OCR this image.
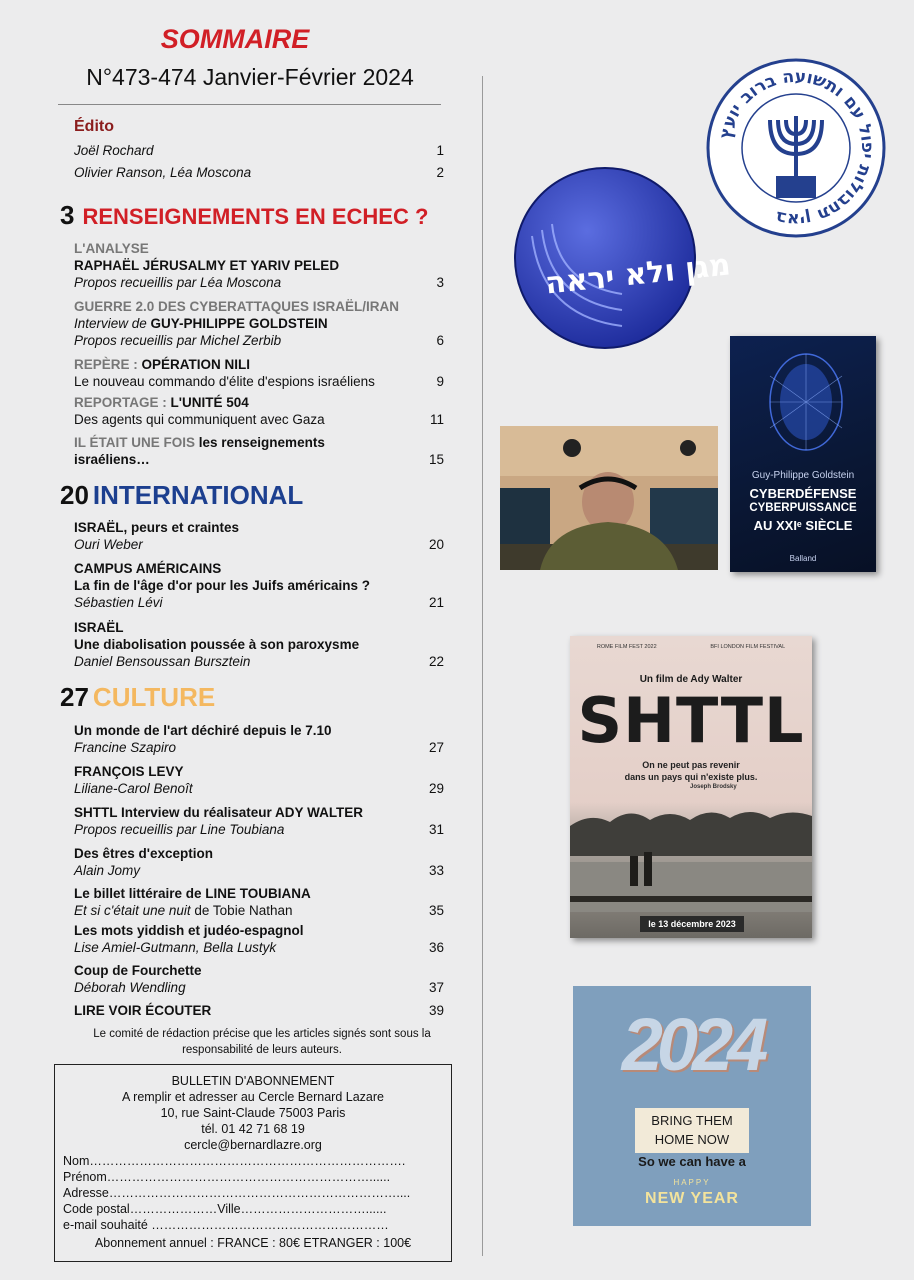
SOMMAIRE
N°473-474 Janvier-Février 2024
Édito
Joël Rochard	1
Olivier Ranson, Léa Moscona	2
3 RENSEIGNEMENTS EN ECHEC ?
L'ANALYSE
RAPHAËL JÉRUSALMY ET YARIV PELED
Propos recueillis par Léa Moscona	3
GUERRE 2.0 DES CYBERATTAQUES ISRAËL/IRAN
Interview de GUY-PHILIPPE GOLDSTEIN
Propos recueillis par Michel Zerbib	6
REPÈRE : OPÉRATION NILI
Le nouveau commando d'élite d'espions israéliens	9
REPORTAGE : L'UNITÉ 504
Des agents qui communiquent avec Gaza	11
IL ÉTAIT UNE FOIS les renseignements
israéliens…	15
20 INTERNATIONAL
ISRAËL, peurs et craintes
Ouri Weber	20
CAMPUS AMÉRICAINS
La fin de l'âge d'or pour les Juifs américains ?
Sébastien Lévi	21
ISRAËL
Une diabolisation poussée à son paroxysme
Daniel Bensoussan Bursztein	22
27 CULTURE
Un monde de l'art déchiré depuis le 7.10
Francine Szapiro	27
FRANÇOIS LEVY
Liliane-Carol Benoît	29
SHTTL Interview du réalisateur ADY WALTER
Propos recueillis par Line Toubiana	31
Des êtres d'exception
Alain Jomy	33
Le billet littéraire de LINE TOUBIANA
Et si c'était une nuit de Tobie Nathan	35
Les mots yiddish et judéo-espagnol
Lise Amiel-Gutmann, Bella Lustyk	36
Coup de Fourchette
Déborah Wendling	37
LIRE VOIR ÉCOUTER	39
Le comité de rédaction précise que les articles signés sont sous la
responsabilité de leurs auteurs.
BULLETIN D'ABONNEMENT
A remplir et adresser au Cercle Bernard Lazare
10, rue Saint-Claude 75003 Paris
tél. 01 42 71 68 19
cercle@bernardlazre.org
Nom………………………………………………………………….
Prénom………………………………………………………......
Adresse……………………………………………………………....
Code postal…………………Ville…………………………......
e-mail souhaité …………………………………………………
Abonnement annuel : FRANCE : 80€ ETRANGER : 100€
באין תחבולות יפול עם ותשועה ברוב יועץ
מגן ולא יראה
Guy-Philippe Goldstein
CYBERDÉFENSE
CYBERPUISSANCE
AU XXIᵉ SIÈCLE
Balland
ROME FILM FEST 2022	BFI LONDON FILM FESTIVAL
Un film de Ady Walter
SHTTL
On ne peut pas revenir
dans un pays qui n'existe plus.
Joseph Brodsky
le 13 décembre 2023
2024
BRING THEM
HOME NOW
So we can have a
HAPPY
NEW YEAR
